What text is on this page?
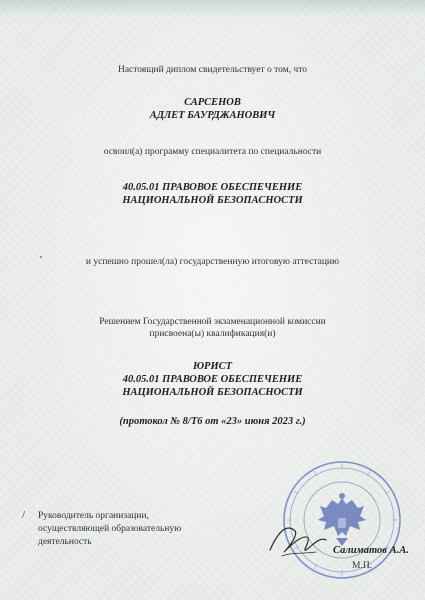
Настоящий диплом свидетельствует о том, что
САРСЕНОВ
АДЛЕТ БАУРДЖАНОВИЧ
освоил(а) программу специалитета по специальности
40.05.01 ПРАВОВОЕ ОБЕСПЕЧЕНИЕ
НАЦИОНАЛЬНОЙ БЕЗОПАСНОСТИ
и успешно прошел(ла) государственную итоговую аттестацию
Решением Государственной экзаменационной комиссии
присвоена(ы) квалификация(и)
ЮРИСТ
40.05.01 ПРАВОВОЕ ОБЕСПЕЧЕНИЕ
НАЦИОНАЛЬНОЙ БЕЗОПАСНОСТИ
(протокол № 8/Т6 от «23» июня 2023 г.)
/ Руководитель организации,
осуществляющей образовательную
деятельность
Салиматов А.А.
М.П.
